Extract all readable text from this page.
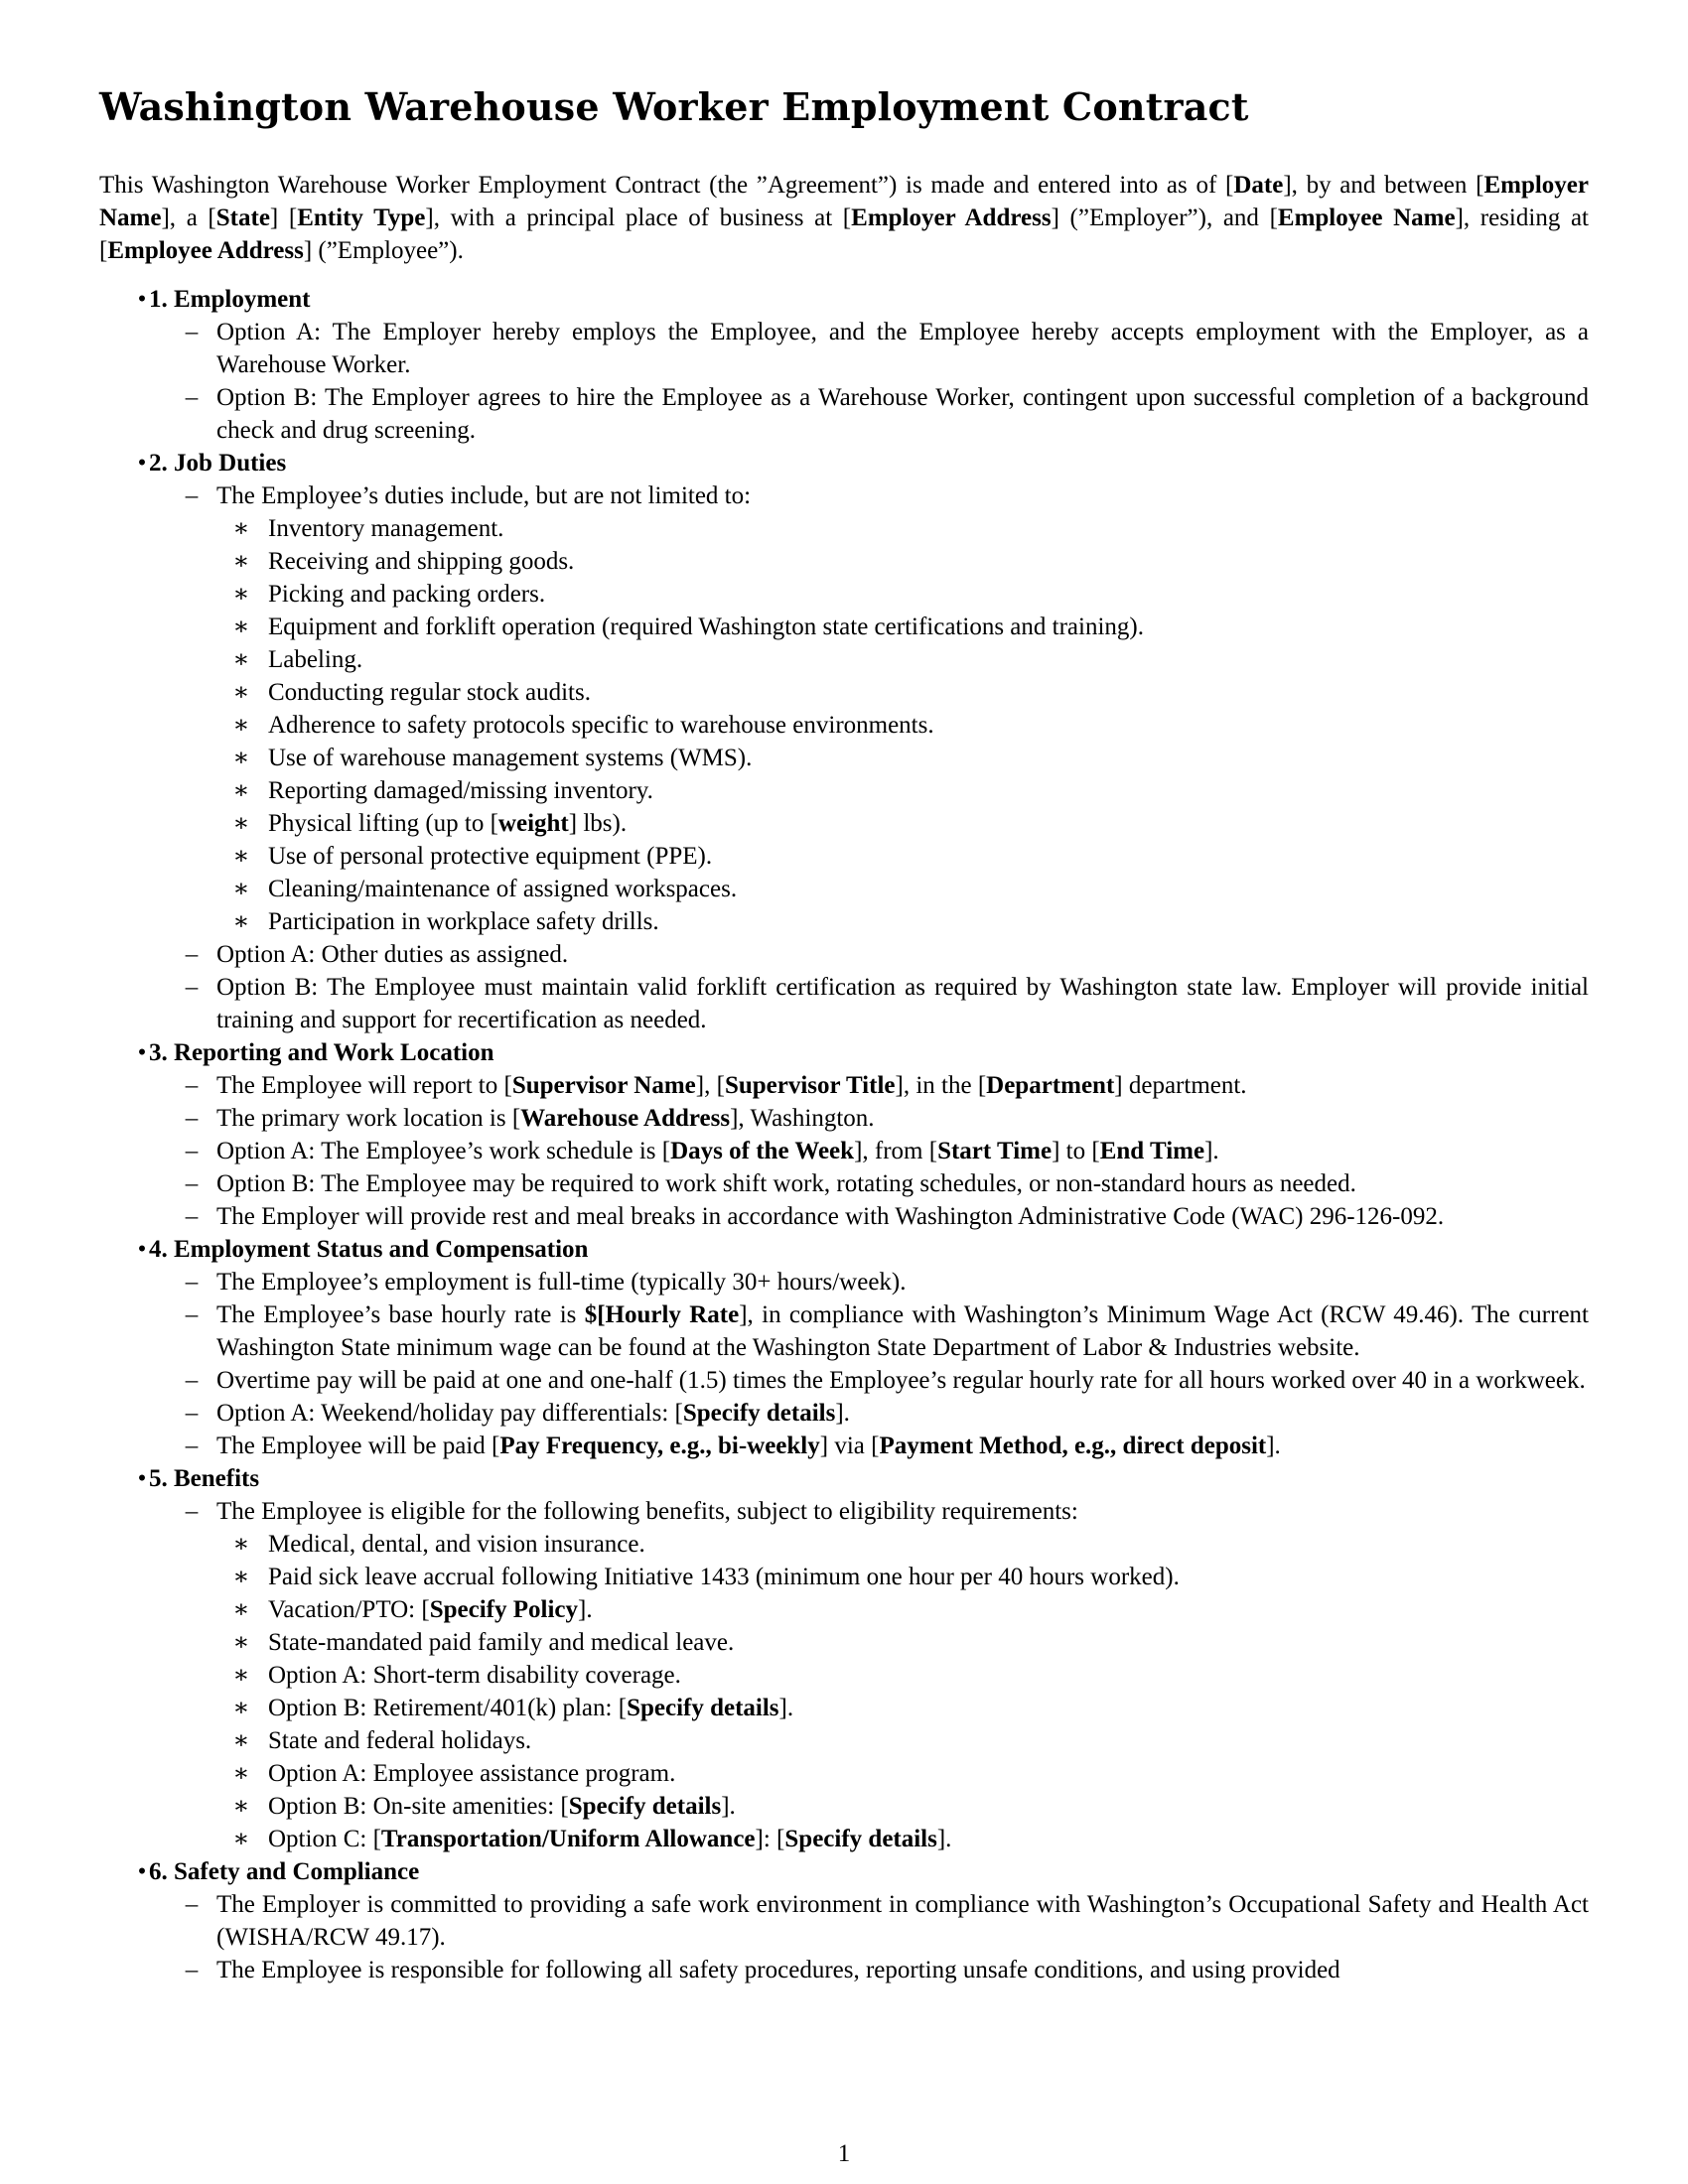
Washington Warehouse Worker Employment Contract

This Washington Warehouse Worker Employment Contract (the ”Agreement”) is made and entered into as of [Date], by and between [Employer Name], a [State] [Entity Type], with a principal place of business at [Employer Address] (”Employer”), and [Employee Name], residing at [Employee Address] (”Employee”).

• 1. Employment
– Option A: The Employer hereby employs the Employee, and the Employee hereby accepts employment with the Employer, as a Warehouse Worker.
– Option B: The Employer agrees to hire the Employee as a Warehouse Worker, contingent upon successful completion of a background check and drug screening.
• 2. Job Duties
– The Employee’s duties include, but are not limited to:
∗ Inventory management.
∗ Receiving and shipping goods.
∗ Picking and packing orders.
∗ Equipment and forklift operation (required Washington state certifications and training).
∗ Labeling.
∗ Conducting regular stock audits.
∗ Adherence to safety protocols specific to warehouse environments.
∗ Use of warehouse management systems (WMS).
∗ Reporting damaged/missing inventory.
∗ Physical lifting (up to [weight] lbs).
∗ Use of personal protective equipment (PPE).
∗ Cleaning/maintenance of assigned workspaces.
∗ Participation in workplace safety drills.
– Option A: Other duties as assigned.
– Option B: The Employee must maintain valid forklift certification as required by Washington state law. Employer will provide initial training and support for recertification as needed.
• 3. Reporting and Work Location
– The Employee will report to [Supervisor Name], [Supervisor Title], in the [Department] department.
– The primary work location is [Warehouse Address], Washington.
– Option A: The Employee’s work schedule is [Days of the Week], from [Start Time] to [End Time].
– Option B: The Employee may be required to work shift work, rotating schedules, or non-standard hours as needed.
– The Employer will provide rest and meal breaks in accordance with Washington Administrative Code (WAC) 296-126-092.
• 4. Employment Status and Compensation
– The Employee’s employment is full-time (typically 30+ hours/week).
– The Employee’s base hourly rate is $[Hourly Rate], in compliance with Washington’s Minimum Wage Act (RCW 49.46). The current Washington State minimum wage can be found at the Washington State Department of Labor & Industries website.
– Overtime pay will be paid at one and one-half (1.5) times the Employee’s regular hourly rate for all hours worked over 40 in a workweek.
– Option A: Weekend/holiday pay differentials: [Specify details].
– The Employee will be paid [Pay Frequency, e.g., bi-weekly] via [Payment Method, e.g., direct deposit].
• 5. Benefits
– The Employee is eligible for the following benefits, subject to eligibility requirements:
∗ Medical, dental, and vision insurance.
∗ Paid sick leave accrual following Initiative 1433 (minimum one hour per 40 hours worked).
∗ Vacation/PTO: [Specify Policy].
∗ State-mandated paid family and medical leave.
∗ Option A: Short-term disability coverage.
∗ Option B: Retirement/401(k) plan: [Specify details].
∗ State and federal holidays.
∗ Option A: Employee assistance program.
∗ Option B: On-site amenities: [Specify details].
∗ Option C: [Transportation/Uniform Allowance]: [Specify details].
• 6. Safety and Compliance
– The Employer is committed to providing a safe work environment in compliance with Washington’s Occupational Safety and Health Act (WISHA/RCW 49.17).
– The Employee is responsible for following all safety procedures, reporting unsafe conditions, and using provided
1
